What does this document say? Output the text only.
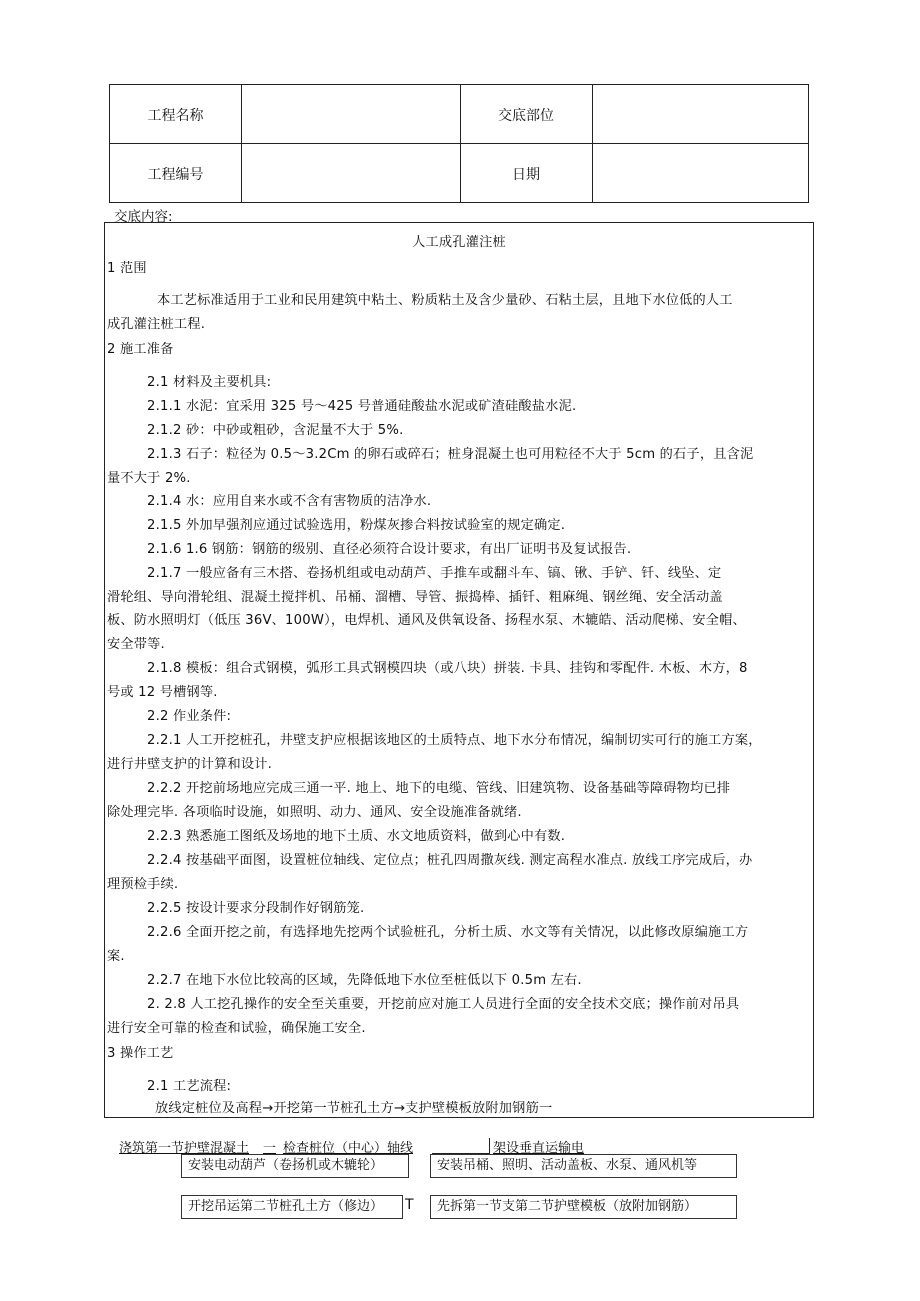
工程名称	交底部位
工程编号	日期
交底内容:
人工成孔灌注桩
1 范围
本工艺标准适用于工业和民用建筑中粘土、粉质粘土及含少量砂、石粘土层，且地下水位低的人工
成孔灌注桩工程.
2 施工准备
2.1 材料及主要机具:
2.1.1 水泥：宜采用 325 号～425 号普通硅酸盐水泥或矿渣硅酸盐水泥.
2.1.2 砂：中砂或粗砂，含泥量不大于 5%.
2.1.3 石子：粒径为 0.5～3.2Cm 的卵石或碎石；桩身混凝土也可用粒径不大于 5cm 的石子，且含泥
量不大于 2%.
2.1.4 水：应用自来水或不含有害物质的洁净水.
2.1.5 外加早强剂应通过试验选用，粉煤灰掺合料按试验室的规定确定.
2.1.6 1.6 钢筋：钢筋的级别、直径必须符合设计要求，有出厂证明书及复试报告.
2.1.7 一般应备有三木搭、卷扬机组或电动葫芦、手推车或翻斗车、镐、锹、手铲、钎、线坠、定
滑轮组、导向滑轮组、混凝土搅拌机、吊桶、溜槽、导管、振捣棒、插钎、粗麻绳、钢丝绳、安全活动盖
板、防水照明灯（低压 36V、100W），电焊机、通风及供氧设备、扬程水泵、木辘皓、活动爬梯、安全帽、
安全带等.
2.1.8 模板：组合式钢模，弧形工具式钢模四块（或八块）拼装. 卡具、挂钩和零配件. 木板、木方，8
号或 12 号槽钢等.
2.2 作业条件:
2.2.1 人工开挖桩孔，井壁支护应根据该地区的土质特点、地下水分布情况，编制切实可行的施工方案，
进行井壁支护的计算和设计.
2.2.2 开挖前场地应完成三通一平. 地上、地下的电缆、管线、旧建筑物、设备基础等障碍物均已排
除处理完毕. 各项临时设施，如照明、动力、通风、安全设施准备就绪.
2.2.3 熟悉施工图纸及场地的地下土质、水文地质资料，做到心中有数.
2.2.4 按基础平面图，设置桩位轴线、定位点；桩孔四周撒灰线. 测定高程水准点. 放线工序完成后，办
理预检手续.
2.2.5 按设计要求分段制作好钢筋笼.
2.2.6 全面开挖之前，有选择地先挖两个试验桩孔，分析土质、水文等有关情况，以此修改原编施工方
案.
2.2.7 在地下水位比较高的区域，先降低地下水位至桩低以下 0.5m 左右.
2. 2.8 人工挖孔操作的安全至关重要，开挖前应对施工人员进行全面的安全技术交底；操作前对吊具
进行安全可靠的检查和试验，确保施工安全.
3 操作工艺
2.1 工艺流程:
放线定桩位及高程→开挖第一节桩孔土方→支护壁模板放附加钢筋一
浇筑第一节护壁混凝土 一 检查桩位（中心）轴线	架设垂直运输电
安装电动葫芦（卷扬机或木辘轮）	安装吊桶、照明、活动盖板、水泵、通风机等
开挖吊运第二节桩孔土方（修边）	T	先拆第一节支第二节护壁模板（放附加钢筋）
